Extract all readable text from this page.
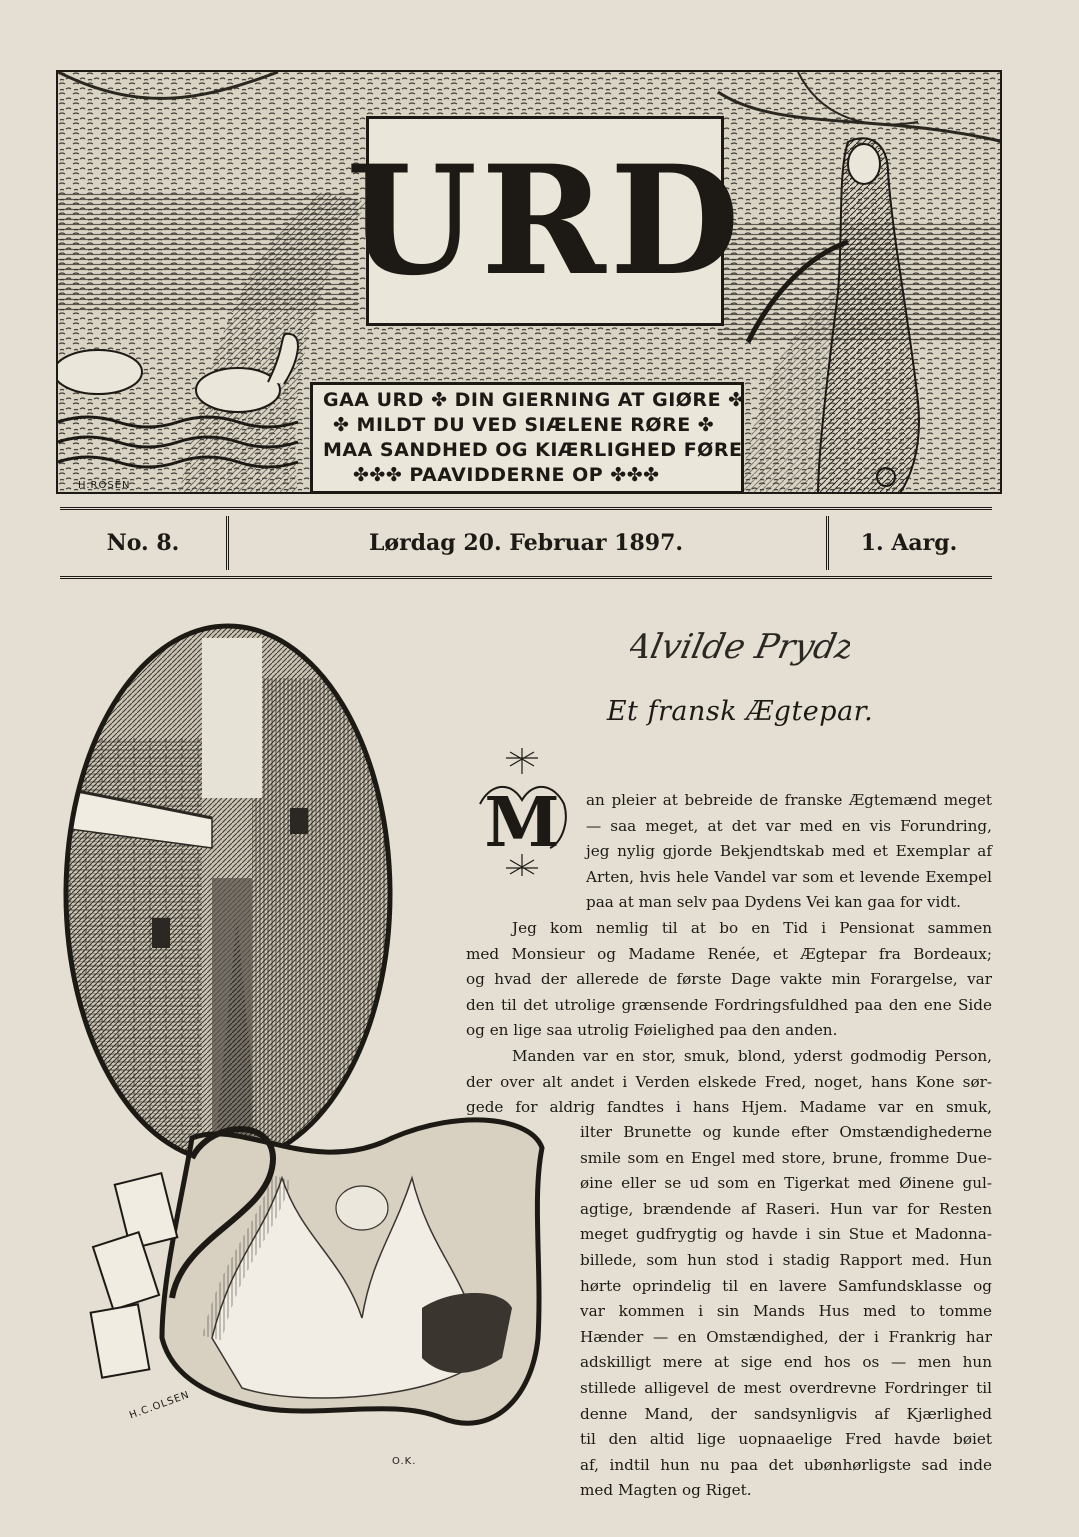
URD
GAA URD ✤ DIN GIERNING AT GIØRE ✤
✤ MILDT DU VED SIÆLENE RØRE ✤
MAA SANDHED OG KIÆRLIGHED FØRE
✤✤✤ PAAVIDDERNE OP ✤✤✤
H.ROSEN
No. 8.	Lørdag 20. Februar 1897.	1. Aarg.
H.C.OLSEN
O.K.
Alvilde Prydz
Et fransk Ægtepar.
M an pleier at bebreide de franske Ægtemænd meget
— saa meget, at det var med en vis Forundring,
jeg nylig gjorde Bekjendtskab med et Exemplar af
Arten, hvis hele Vandel var som et levende Exempel
paa at man selv paa Dydens Vei kan gaa for vidt.
Jeg kom nemlig til at bo en Tid i Pensionat sammen
med Monsieur og Madame Renée, et Ægtepar fra Bordeaux;
og hvad der allerede de første Dage vakte min Forargelse, var
den til det utrolige grænsende Fordringsfuldhed paa den ene Side
og en lige saa utrolig Føielighed paa den anden.
Manden var en stor, smuk, blond, yderst godmodig Person,
der over alt andet i Verden elskede Fred, noget, hans Kone sør-
gede for aldrig fandtes i hans Hjem. Madame var en smuk,
ilter Brunette og kunde efter Omstændighederne
smile som en Engel med store, brune, fromme Due-
øine eller se ud som en Tigerkat med Øinene gul-
agtige, brændende af Raseri. Hun var for Resten
meget gudfrygtig og havde i sin Stue et Madonna-
billede, som hun stod i stadig Rapport med. Hun
hørte oprindelig til en lavere Samfundsklasse og
var kommen i sin Mands Hus med to tomme
Hænder — en Omstændighed, der i Frankrig har
adskilligt mere at sige end hos os — men hun
stillede alligevel de mest overdrevne Fordringer til
denne Mand, der sandsynligvis af Kjærlighed
til den altid lige uopnaaelige Fred havde bøiet
af, indtil hun nu paa det ubønhørligste sad inde
med Magten og Riget.
